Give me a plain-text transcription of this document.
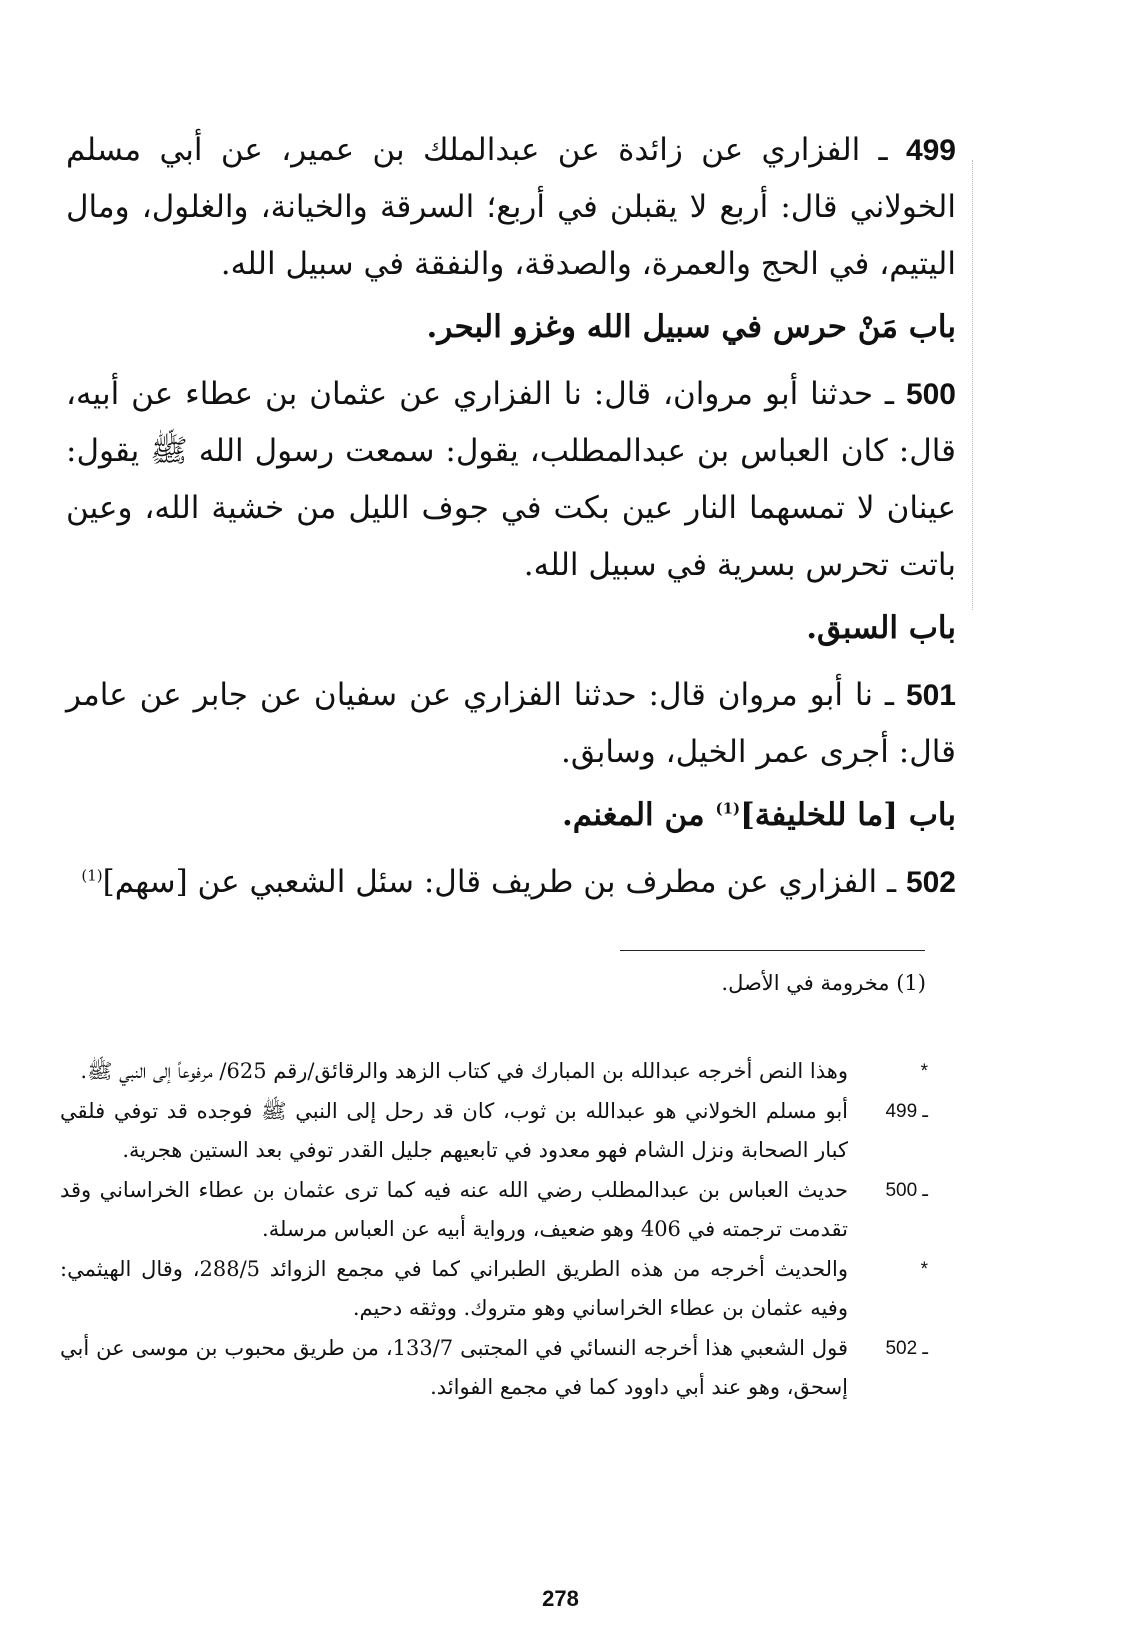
499 ـ الفزاري عن زائدة عن عبدالملك بن عمير، عن أبي مسلم الخولاني قال: أربع لا يقبلن في أربع؛ السرقة والخيانة، والغلول، ومال اليتيم، في الحج والعمرة، والصدقة، والنفقة في سبيل الله.

باب مَنْ حرس في سبيل الله وغزو البحر.

500 ـ حدثنا أبو مروان، قال: نا الفزاري عن عثمان بن عطاء عن أبيه، قال: كان العباس بن عبدالمطلب، يقول: سمعت رسول الله ﷺ يقول: عينان لا تمسهما النار عين بكت في جوف الليل من خشية الله، وعين باتت تحرس بسرية في سبيل الله.

باب السبق.

501 ـ نا أبو مروان قال: حدثنا الفزاري عن سفيان عن جابر عن عامر قال: أجرى عمر الخيل، وسابق.

باب [ما للخليفة]$^{(1)}$ من المغنم.

502 ـ الفزاري عن مطرف بن طريف قال: سئل الشعبي عن [سهم]$^{(1)}$

(1) مخرومة في الأصل.
*
وهذا النص أخرجه عبدالله بن المبارك في كتاب الزهد والرقائق/رقم 625/ مرفوعاً إلى النبي ﷺ.
499 ـ
أبو مسلم الخولاني هو عبدالله بن ثوب، كان قد رحل إلى النبي ﷺ فوجده قد توفي فلقي كبار الصحابة ونزل الشام فهو معدود في تابعيهم جليل القدر توفي بعد الستين هجرية.
500 ـ
حديث العباس بن عبدالمطلب رضي الله عنه فيه كما ترى عثمان بن عطاء الخراساني وقد تقدمت ترجمته في 406 وهو ضعيف، ورواية أبيه عن العباس مرسلة.
*
والحديث أخرجه من هذه الطريق الطبراني كما في مجمع الزوائد 288/5، وقال الهيثمي: وفيه عثمان بن عطاء الخراساني وهو متروك. ووثقه دحيم.
502 ـ
قول الشعبي هذا أخرجه النسائي في المجتبى 133/7، من طريق محبوب بن موسى عن أبي إسحق، وهو عند أبي داوود كما في مجمع الفوائد.
278
